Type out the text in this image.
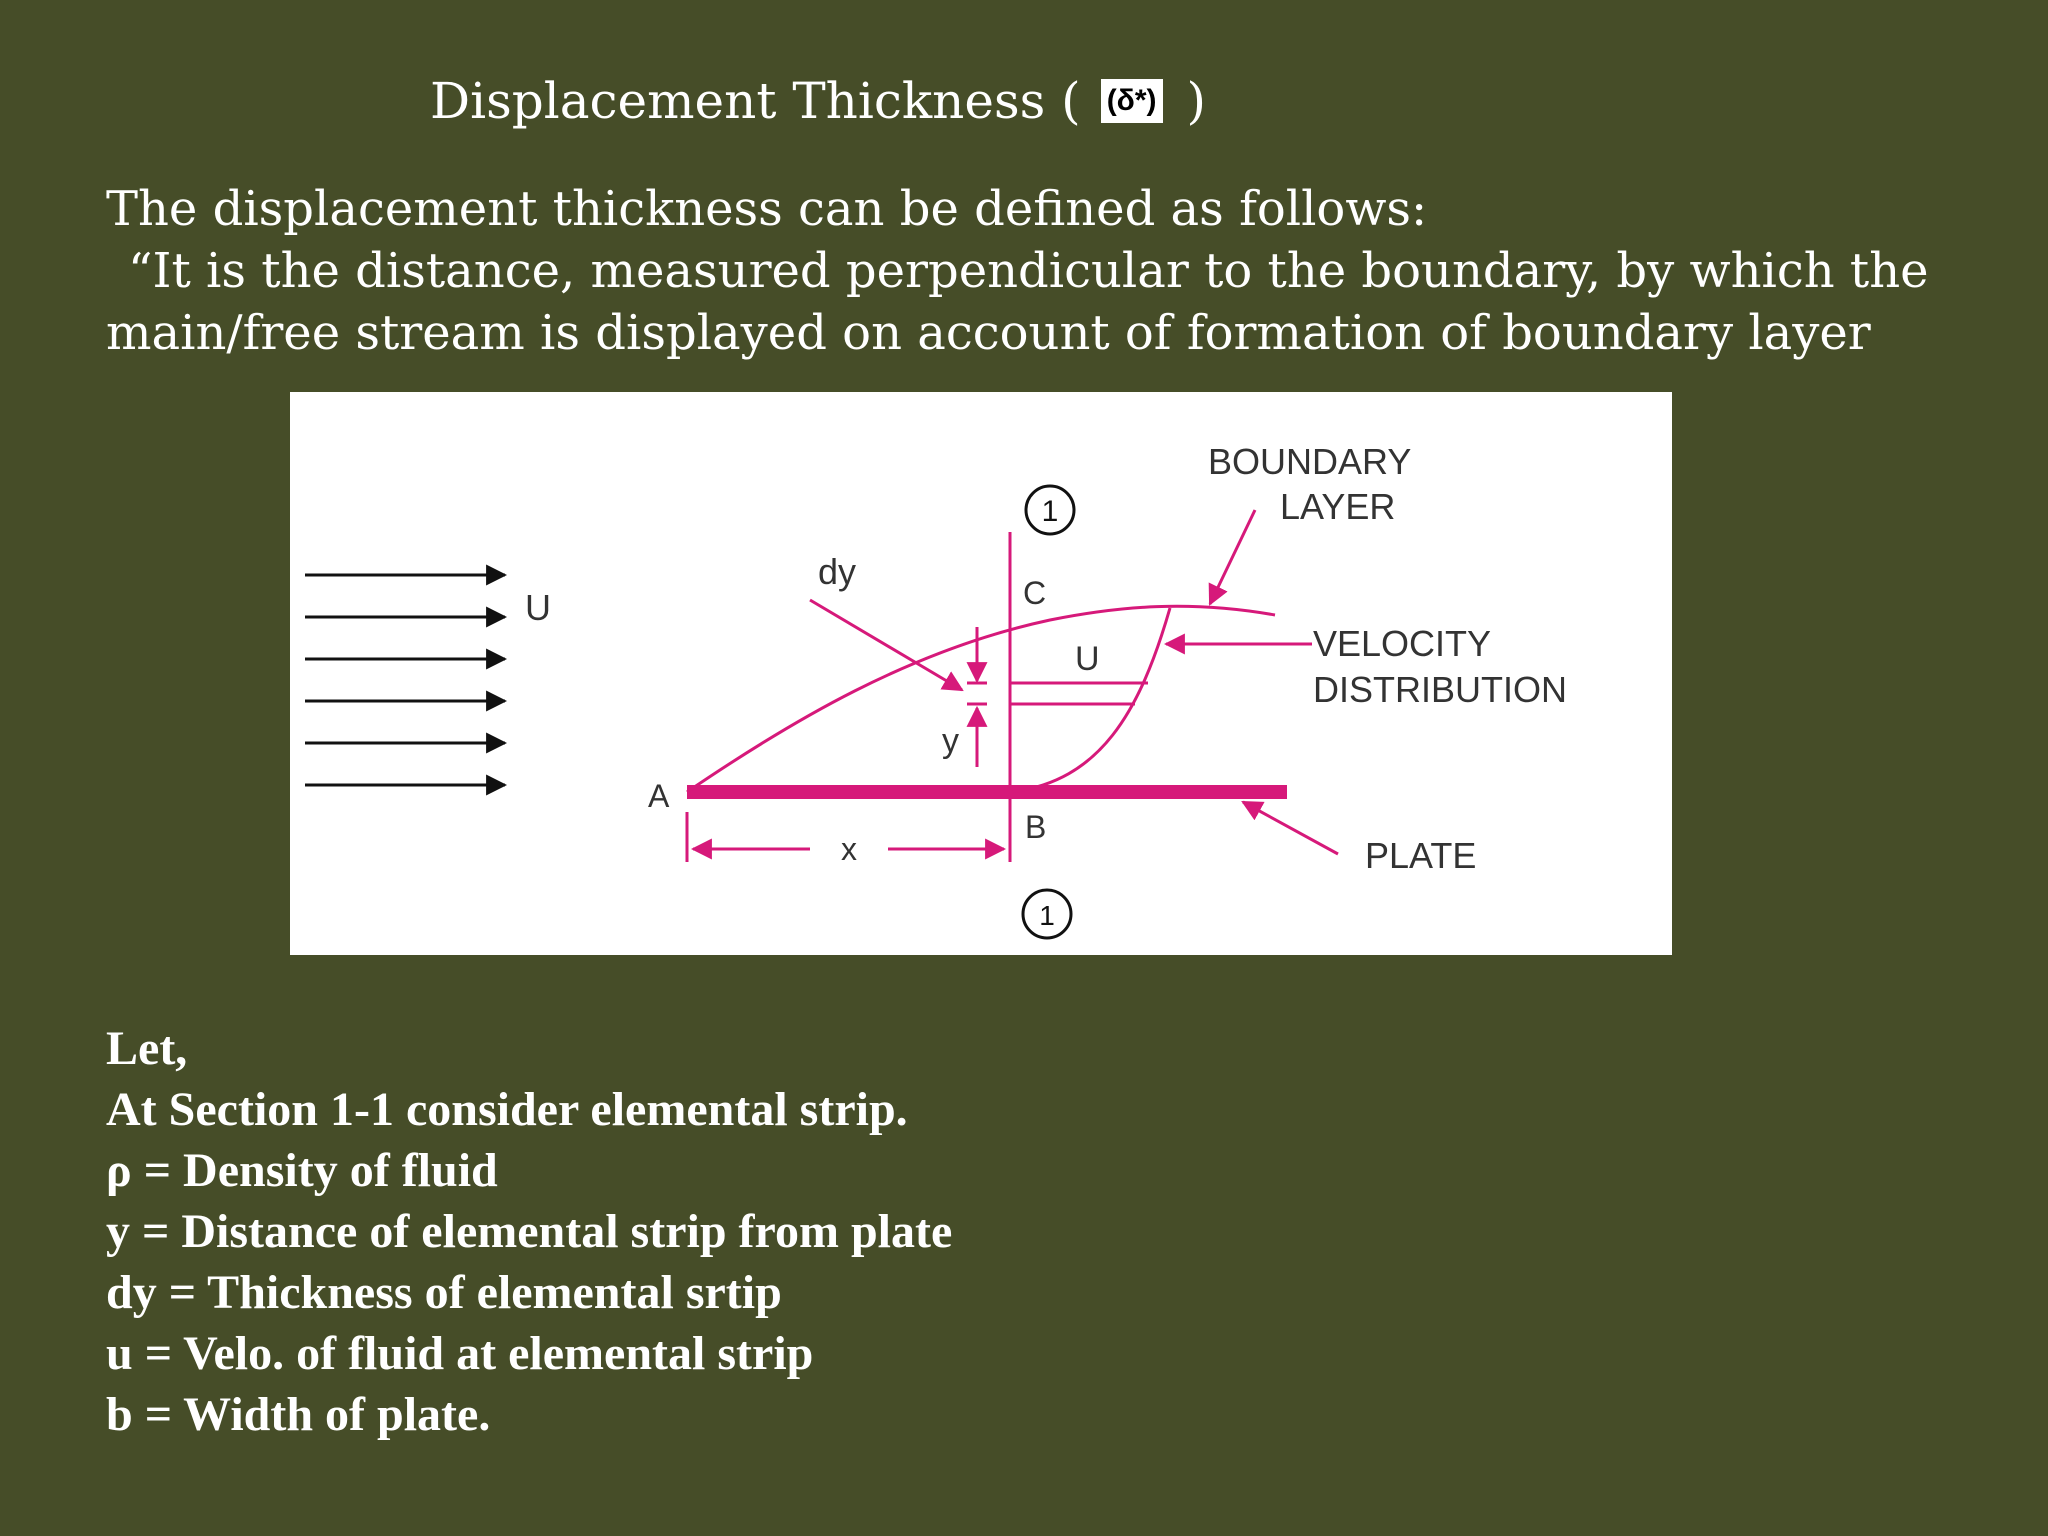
Displacement Thickness ( (δ*) )
The displacement thickness can be defined as follows:
“It is the distance, measured perpendicular to the boundary, by which the
main/free stream is displayed on account of formation of boundary layer
U
A
U
1
1
C
B
dy
y
x
BOUNDARY
LAYER
VELOCITY
DISTRIBUTION
PLATE
Let,
At Section 1-1 consider elemental strip.
ρ = Density of fluid
y = Distance of elemental strip from plate
dy = Thickness of elemental srtip
u = Velo. of fluid at elemental strip
b = Width of plate.
